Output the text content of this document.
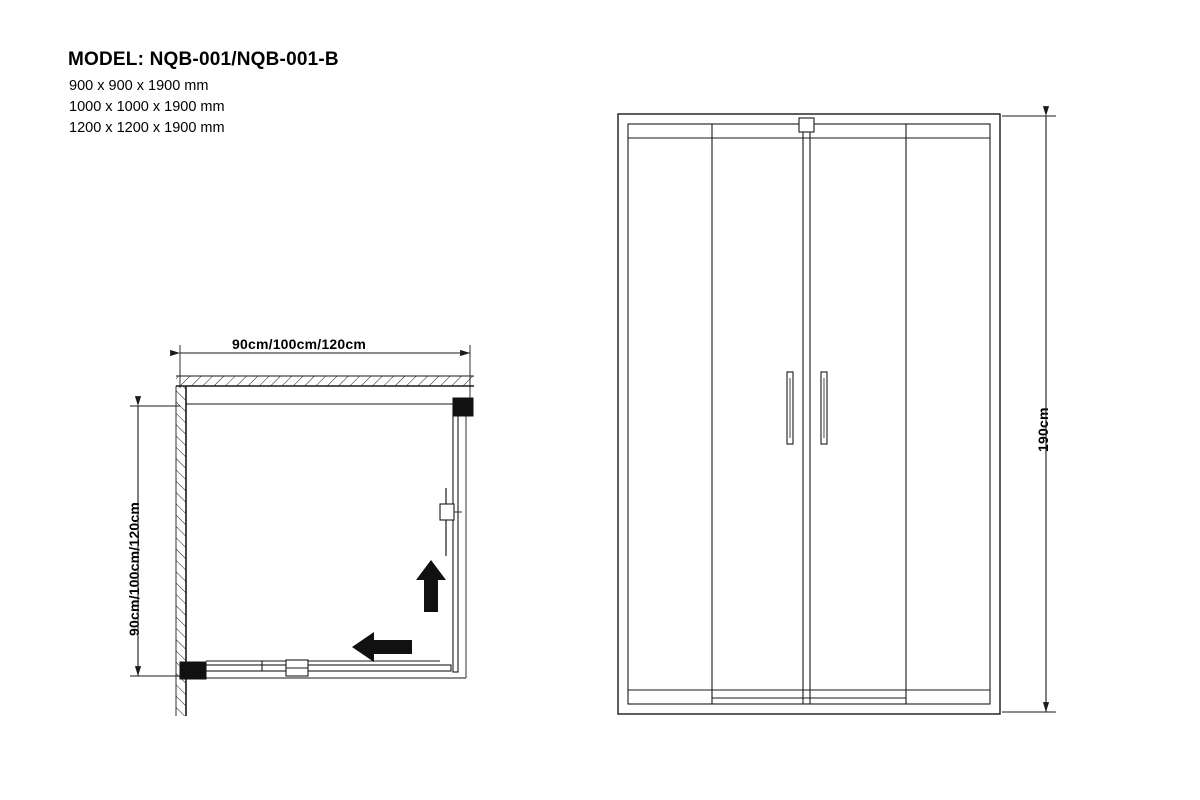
MODEL: NQB-001/NQB-001-B
900 x 900 x 1900 mm
1000 x 1000 x 1900 mm
1200 x 1200 x 1900 mm
90cm/100cm/120cm
90cm/100cm/120cm
190cm
